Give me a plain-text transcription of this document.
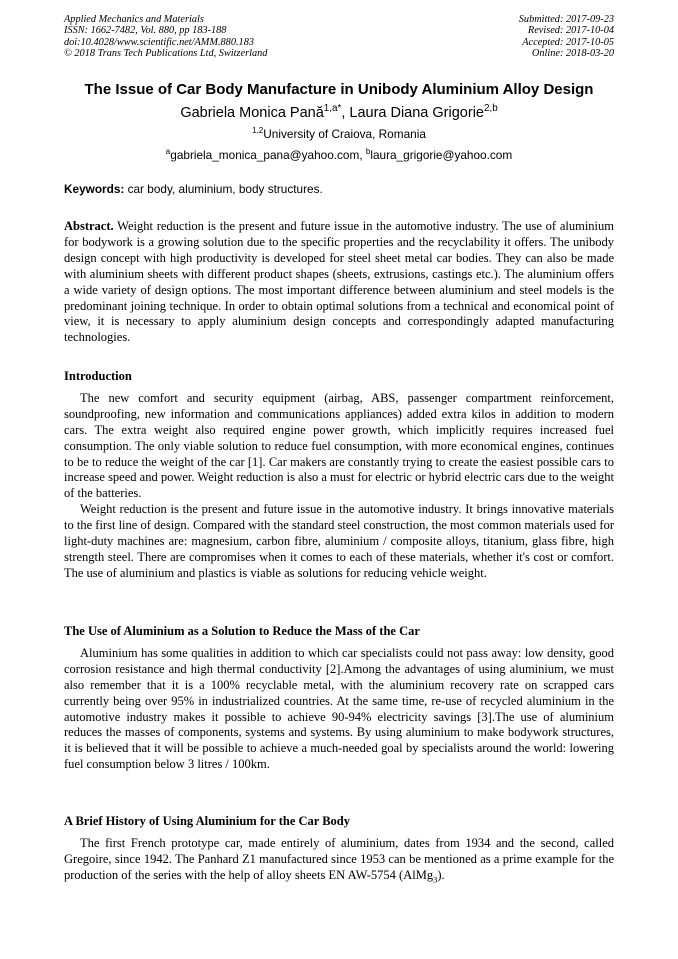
Applied Mechanics and Materials
ISSN: 1662-7482, Vol. 880, pp 183-188
doi:10.4028/www.scientific.net/AMM.880.183
© 2018 Trans Tech Publications Ltd, Switzerland
Submitted: 2017-09-23
Revised: 2017-10-04
Accepted: 2017-10-05
Online: 2018-03-20
The Issue of Car Body Manufacture in Unibody Aluminium Alloy Design
Gabriela Monica Pană$^{1,a*}$, Laura Diana Grigorie$^{2,b}$
$^{1,2}$University of Craiova, Romania
$^a$gabriela_monica_pana@yahoo.com, $^b$laura_grigorie@yahoo.com
Keywords: car body, aluminium, body structures.

Abstract. Weight reduction is the present and future issue in the automotive industry. The use of aluminium for bodywork is a growing solution due to the specific properties and the recyclability it offers. The unibody design concept with high productivity is developed for steel sheet metal car bodies. They can also be made with aluminium sheets with different product shapes (sheets, extrusions, castings etc.). The aluminium offers a wide variety of design options. The most important difference between aluminium and steel models is the predominant joining technique. In order to obtain optimal solutions from a technical and economical point of view, it is necessary to apply aluminium design concepts and correspondingly adapted manufacturing technologies.

Introduction

The new comfort and security equipment (airbag, ABS, passenger compartment reinforcement, soundproofing, new information and communications appliances) added extra kilos in addition to modern cars. The extra weight also required engine power growth, which implicitly requires increased fuel consumption. The only viable solution to reduce fuel consumption, with more economical engines, continues to be to reduce the weight of the car [1]. Car makers are constantly trying to create the easiest possible cars to increase speed and power. Weight reduction is also a must for electric or hybrid electric cars due to the weight of the batteries.

Weight reduction is the present and future issue in the automotive industry. It brings innovative materials to the first line of design. Compared with the standard steel construction, the most common materials used for light-duty machines are: magnesium, carbon fibre, aluminium / composite alloys, titanium, glass fibre, high strength steel. There are compromises when it comes to each of these materials, whether it's cost or comfort. The use of aluminium and plastics is viable as solutions for reducing vehicle weight.

The Use of Aluminium as a Solution to Reduce the Mass of the Car

Aluminium has some qualities in addition to which car specialists could not pass away: low density, good corrosion resistance and high thermal conductivity [2].Among the advantages of using aluminium, we must also remember that it is a 100% recyclable metal, with the aluminium recovery rate on scrapped cars currently being over 95% in industrialized countries. At the same time, re-use of recycled aluminium in the automotive industry makes it possible to achieve 90-94% electricity savings [3].The use of aluminium reduces the masses of components, systems and systems. By using aluminium to make bodywork structures, it is believed that it will be possible to achieve a much-needed goal by specialists around the world: lowering fuel consumption below 3 litres / 100km.

A Brief History of Using Aluminium for the Car Body

The first French prototype car, made entirely of aluminium, dates from 1934 and the second, called Gregoire, since 1942. The Panhard Z1 manufactured since 1953 can be mentioned as a prime example for the production of the series with the help of alloy sheets EN AW-5754 (AlMg$_3$).
